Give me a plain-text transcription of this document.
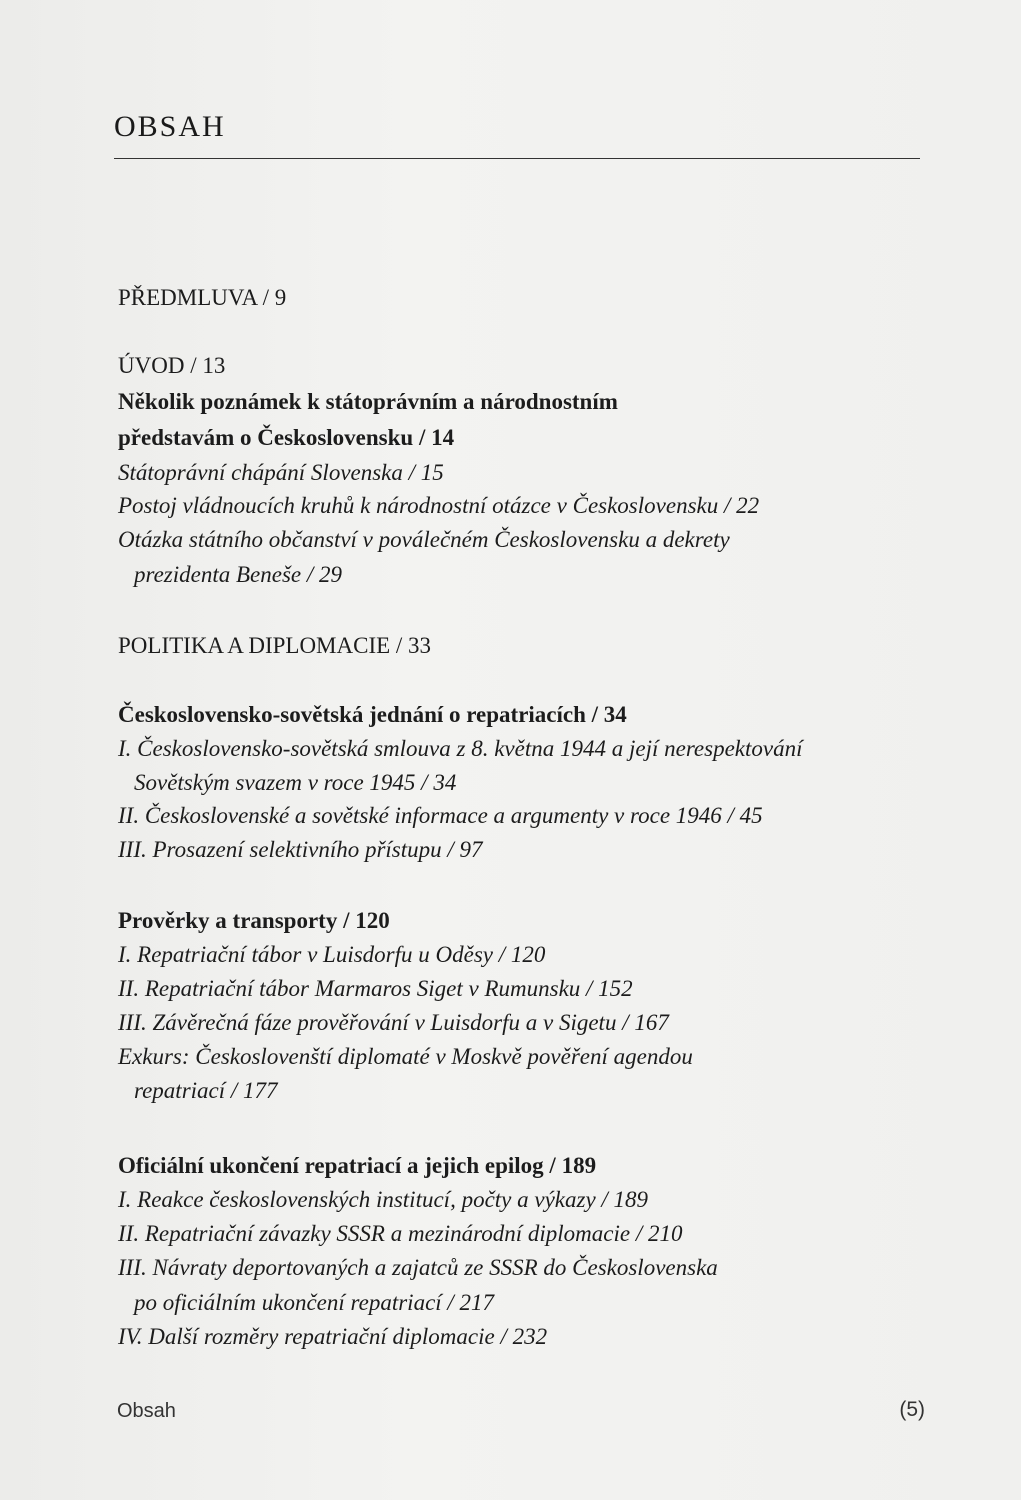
OBSAH
PŘEDMLUVA / 9
ÚVOD / 13
Několik poznámek k státoprávním a národnostním
představám o Československu / 14
Státoprávní chápání Slovenska / 15
Postoj vládnoucích kruhů k národnostní otázce v Československu / 22
Otázka státního občanství v poválečném Československu a dekrety
prezidenta Beneše / 29
POLITIKA A DIPLOMACIE / 33
Československo-sovětská jednání o repatriacích / 34
I. Československo-sovětská smlouva z 8. května 1944 a její nerespektování
Sovětským svazem v roce 1945 / 34
II. Československé a sovětské informace a argumenty v roce 1946 / 45
III. Prosazení selektivního přístupu / 97
Prověrky a transporty / 120
I. Repatriační tábor v Luisdorfu u Oděsy / 120
II. Repatriační tábor Marmaros Siget v Rumunsku / 152
III. Závěrečná fáze prověřování v Luisdorfu a v Sigetu / 167
Exkurs: Českoslovenští diplomaté v Moskvě pověření agendou
repatriací / 177
Oficiální ukončení repatriací a jejich epilog / 189
I. Reakce československých institucí, počty a výkazy / 189
II. Repatriační závazky SSSR a mezinárodní diplomacie / 210
III. Návraty deportovaných a zajatců ze SSSR do Československa
po oficiálním ukončení repatriací / 217
IV. Další rozměry repatriační diplomacie / 232
Obsah	(5)
